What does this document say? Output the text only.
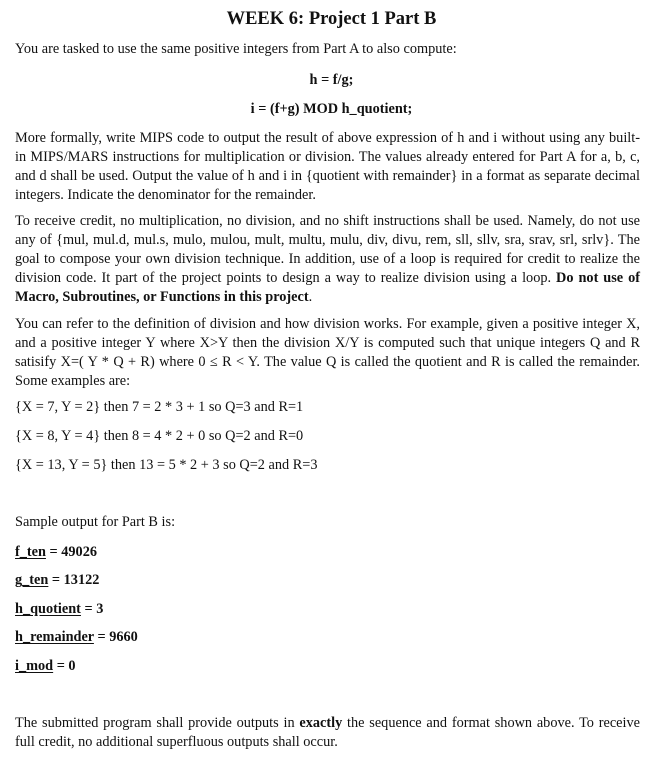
WEEK 6: Project 1 Part B
You are tasked to use the same positive integers from Part A to also compute:
h = f/g;
i = (f+g) MOD h_quotient;
More formally, write MIPS code to output the result of above expression of h and i without using any built-in MIPS/MARS instructions for multiplication or division. The values already entered for Part A for a, b, c, and d shall be used. Output the value of h and i in {quotient with remainder} in a format as separate decimal integers. Indicate the denominator for the remainder.
To receive credit, no multiplication, no division, and no shift instructions shall be used. Namely, do not use any of {mul, mul.d, mul.s, mulo, mulou, mult, multu, mulu, div, divu, rem, sll, sllv, sra, srav, srl, srlv}. The goal to compose your own division technique. In addition, use of a loop is required for credit to realize the division code. It part of the project points to design a way to realize division using a loop. Do not use of Macro, Subroutines, or Functions in this project.
You can refer to the definition of division and how division works. For example, given a positive integer X, and a positive integer Y where X>Y then the division X/Y is computed such that unique integers Q and R satisify X=( Y * Q + R) where 0 ≤ R < Y. The value Q is called the quotient and R is called the remainder. Some examples are:
{X = 7, Y = 2} then 7 = 2 * 3 + 1 so Q=3 and R=1
{X = 8, Y = 4} then 8 = 4 * 2 + 0 so Q=2 and R=0
{X = 13, Y = 5} then 13 = 5 * 2 + 3 so Q=2 and R=3
Sample output for Part B is:
f_ten = 49026
g_ten = 13122
h_quotient = 3
h_remainder = 9660
i_mod = 0
The submitted program shall provide outputs in exactly the sequence and format shown above. To receive full credit, no additional superfluous outputs shall occur.
